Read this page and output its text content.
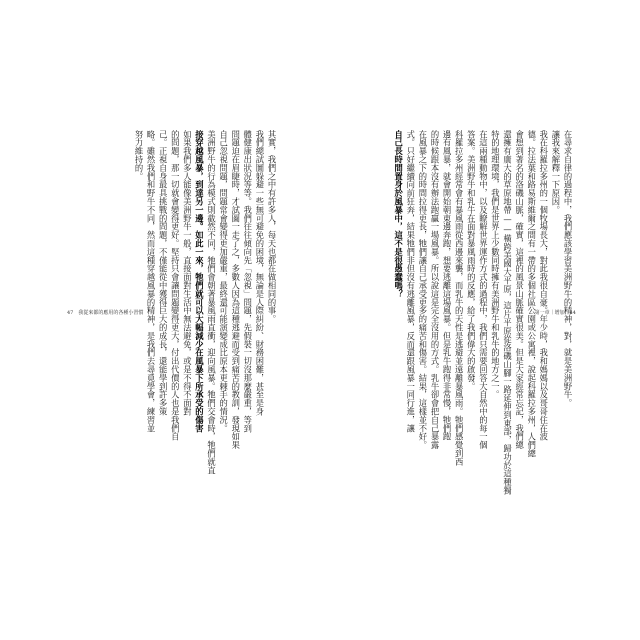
在尋求自律的過程中，我們應該學習美洲野牛的精神，對，就是美洲野牛。
讓我來解釋一下原因。
我在科羅拉多州的一個牧場長大，對此我很自豪。年少時，我和媽媽以及哥哥住在波
德。拉法葉和路易斯維爾之間有一帶的多個社區公園或公寓裡，說起科羅拉多州，人們總
會想到著名的洛磯山脈，確實，這裡的風景山脈確實很美。但是大家經常忘記，我們總
還擁有廣大的草原地帶——橫跨美國大平原，這片平原從洛磯山腳一路延伸到東部，歸功於這種獨
特的地理環境，我們是世界上少數同時擁有美洲野牛和乳牛的地方之一。
在這兩種動物中，以及瞭解世界運作方式的過程中，我們只需要回答大自然中的每一個
答案。美洲野牛和乳牛在面對暴風雨時的反應，給了我們偉大的啟發。
科羅拉多州經常會有暴風雨從西邊來襲，而乳牛的天性是逃避並遠離暴風雨。牠們感覺到西
邊有風暴，就會開始朝東邊奔跑，想要逃離這場風暴。但是乳牛跑得非常慢，牠們跑
的時候跟本沒有辦法跑贏一場風暴。所以說這是完全沒用的方式。乳牛卻會把自己暴露
在風暴之下的時間拉得更長，牠們讓自己承受更多的痛苦和傷害。結果，這樣並不好。
式。只好繼續向前狂奔，結果牠們非但沒有逃離風暴，反而還跟風暴一同行進，讓
自己長時間置身於風暴中，這不是很愚蠢嗎？
其實，我們之中有許多人，每天也都在做相同的事。
我們總試圖躲避一些無可避免的困境，無論是人際糾紛、財務困難，甚至是身
體健康出狀況等等。我們往往傾向先「忽視」問題，先假裝一切沒那麼嚴重，等到
問題迫在眉睫時，才試圖一走了之，多數人因為這種逃避而受到痛苦的教訓，發現如果
自己忽視問題，問題常會變得更加嚴重，最終還可能演變成比原本更棘手的情況。
美洲野牛的行為模式則截然不同，牠們會朝著暴風雨直衝，迎向風暴。牠們交會時，牠們就直
接穿越風暴，到達另一邊。如此一來，牠們就可以大幅減少在風暴下所承受的傷害
如果我們多人能像美洲野牛一般，直接面對生活中無法避免，或是不得不面對
的問題，那一切就會變得更好。堅持只會讓問題變得更大，付出代價的人也是我們自
己。正視自身最具挑戰的問題，不僅能從中獲得巨大的成長，還能學到許多策
略。雖然我們和野牛不同，然而這種穿越風暴的精神，是我們去尋覓學會，練習並
努力維持的。
47　我從來都的應用的各種小習慣	第一章｜增加　44
